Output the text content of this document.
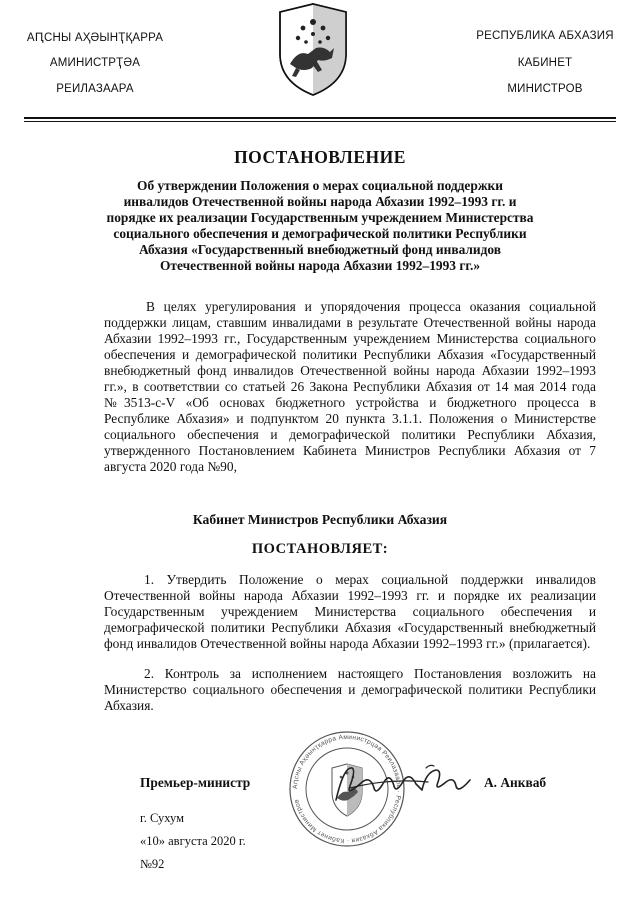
АԤСНЫ АҲӘЫНҬҚАРРА
АМИНИСТРҬӘА
РЕИЛАЗААРА
РЕСПУБЛИКА АБХАЗИЯ
КАБИНЕТ
МИНИСТРОВ
ПОСТАНОВЛЕНИЕ
Об утверждении Положения о мерах социальной поддержки
инвалидов Отечественной войны народа Абхазии 1992–1993 гг. и
порядке их реализации Государственным учреждением Министерства
социального обеспечения и демографической политики Республики
Абхазия «Государственный внебюджетный фонд инвалидов
Отечественной войны народа Абхазии 1992–1993 гг.»

В целях урегулирования и упорядочения процесса оказания социальной поддержки лицам, ставшим инвалидами в результате Отечественной войны народа Абхазии 1992–1993 гг., Государственным учреждением Министерства социального обеспечения и демографической политики Республики Абхазия «Государственный внебюджетный фонд инвалидов Отечественной войны народа Абхазии 1992–1993 гг.», в соответствии со статьей 26 Закона Республики Абхазия от 14 мая 2014 года №3513-с-V «Об основах бюджетного устройства и бюджетного процесса в Республике Абхазия» и подпунктом 20 пункта 3.1.1. Положения о Министерстве социального обеспечения и демографической политики Республики Абхазия, утвержденного Постановлением Кабинета Министров Республики Абхазия от 7 августа 2020 года №90,

Кабинет Министров Республики Абхазия
ПОСТАНОВЛЯЕТ:

1. Утвердить Положение о мерах социальной поддержки инвалидов Отечественной войны народа Абхазии 1992–1993 гг. и порядке их реализации Государственным учреждением Министерства социального обеспечения и демографической политики Республики Абхазия «Государственный внебюджетный фонд инвалидов Отечественной войны народа Абхазии 1992–1993 гг.» (прилагается).

2. Контроль за исполнением настоящего Постановления возложить на Министерство социального обеспечения и демографической политики Республики Абхазия.

Аԥсны Аҳәынҭқарра Аминистрцәа Реилазаара · Республика Абхазия · Кабинет Министров
Премьер-министр	А. Анкваб
г. Сухум
«10» августа 2020 г.
№92
